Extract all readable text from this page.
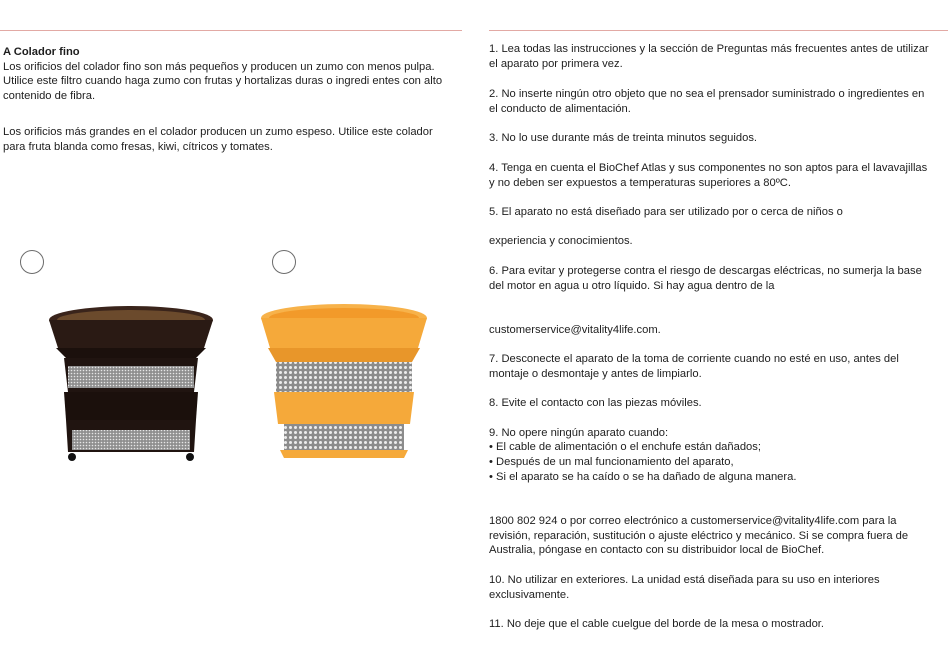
A Colador fino

Los orificios del colador fino son más pequeños y producen un zumo con menos pulpa. Utilice este filtro cuando haga zumo con frutas y hortalizas duras o ingredi entes con alto contenido de fibra.

Los orificios más grandes en el colador producen un zumo espeso. Utilice este colador para fruta blanda como fresas, kiwi, cítricos y tomates.

1. Lea todas las instrucciones y la sección de Preguntas más frecuentes antes de utilizar el aparato por primera vez.

2. No inserte ningún otro objeto que no sea el prensador suministrado o ingredientes en el conducto de alimentación.

3. No lo use durante más de treinta minutos seguidos.

4. Tenga en cuenta el BioChef Atlas y sus componentes no son aptos para el lavavajillas y no deben ser expuestos a temperaturas superiores a 80ºC.

5. El aparato no está diseñado para ser utilizado por o cerca de niños o

experiencia y conocimientos.

6. Para evitar y protegerse contra el riesgo de descargas eléctricas, no sumerja la base del motor en agua u otro líquido. Si hay agua dentro de la

customerservice@vitality4life.com.

7. Desconecte el aparato de la toma de corriente cuando no esté en uso, antes del montaje o desmontaje y antes de limpiarlo.

8. Evite el contacto con las piezas móviles.

9. No opere ningún aparato cuando:

• El cable de alimentación o el enchufe están dañados;

• Después de un mal funcionamiento del aparato,

• Si el aparato se ha caído o se ha dañado de alguna manera.

1800 802 924 o por correo electrónico a customerservice@vitality4life.com para la revisión, reparación, sustitución o ajuste eléctrico y mecánico. Si se compra fuera de Australia, póngase en contacto con su distribuidor local de BioChef.

10. No utilizar en exteriores. La unidad está diseñada para su uso en interiores exclusivamente.

11. No deje que el cable cuelgue del borde de la mesa o mostrador.
